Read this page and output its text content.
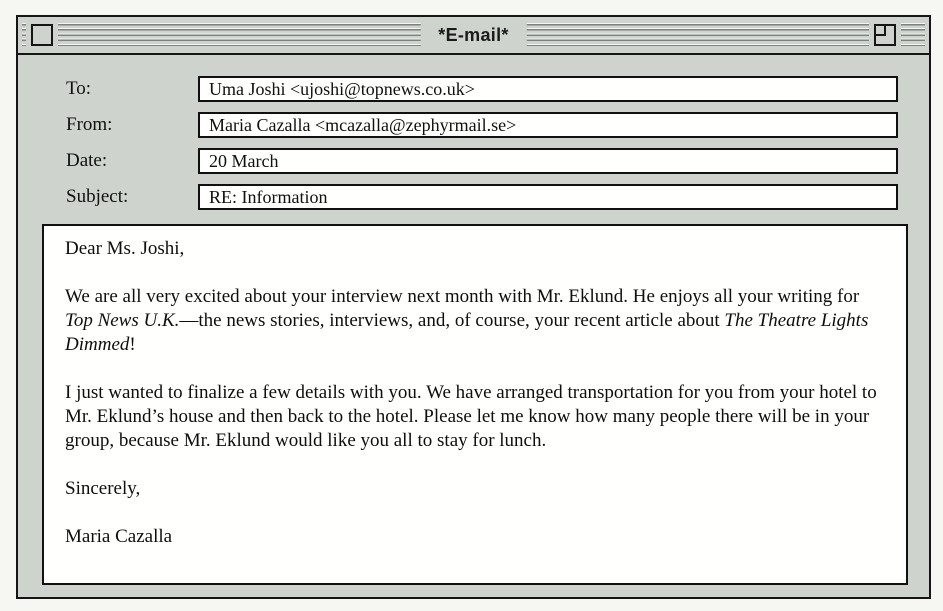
*E-mail*
To:	Uma Joshi <ujoshi@topnews.co.uk>
From:	Maria Cazalla <mcazalla@zephyrmail.se>
Date:	20 March
Subject:	RE: Information

Dear Ms. Joshi,

We are all very excited about your interview next month with Mr. Eklund. He enjoys all your writing for Top News U.K.—the news stories, interviews, and, of course, your recent article about The Theatre Lights Dimmed!

I just wanted to finalize a few details with you. We have arranged transportation for you from your hotel to Mr. Eklund’s house and then back to the hotel. Please let me know how many people there will be in your group, because Mr. Eklund would like you all to stay for lunch.

Sincerely,

Maria Cazalla
